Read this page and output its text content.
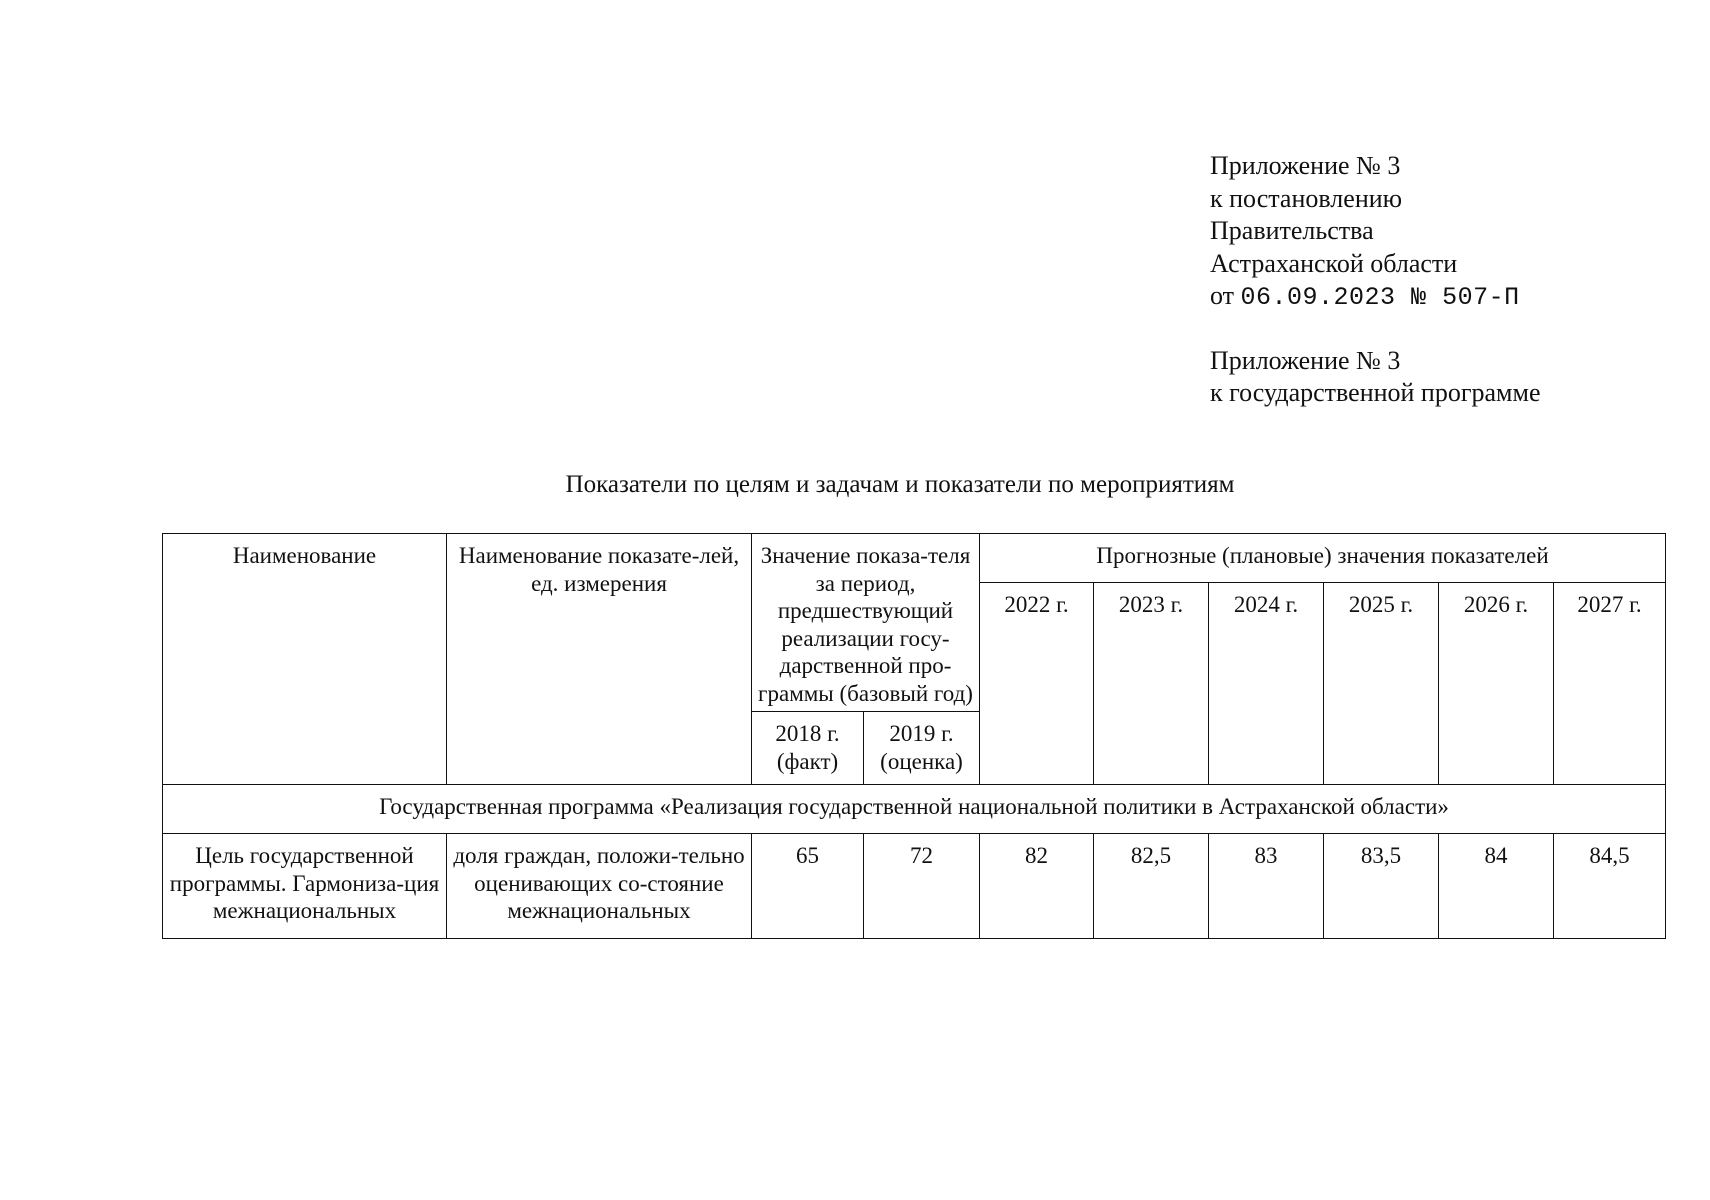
Приложение № 3
к постановлению
Правительства
Астраханской области
от 06.09.2023 № 507-П
Приложение № 3
к государственной программе
Показатели по целям и задачам и показатели по мероприятиям
Наименование	Наименование показате-лей, ед. измерения	Значение показа-теля за период, предшествующий реализации госу-дарственной про-граммы (базовый год)		Прогнозные (плановые) значения показателей					
				2022 г.	2023 г.	2024 г.	2025 г.	2026 г.	2027 г.
		2018 г. (факт)	2019 г. (оценка)						
Государственная программа «Реализация государственной национальной политики в Астраханской области»									
Цель государственной программы. Гармониза-ция межнациональных	доля граждан, положи-тельно оценивающих со-стояние межнациональных	65	72	82	82,5	83	83,5	84	84,5
